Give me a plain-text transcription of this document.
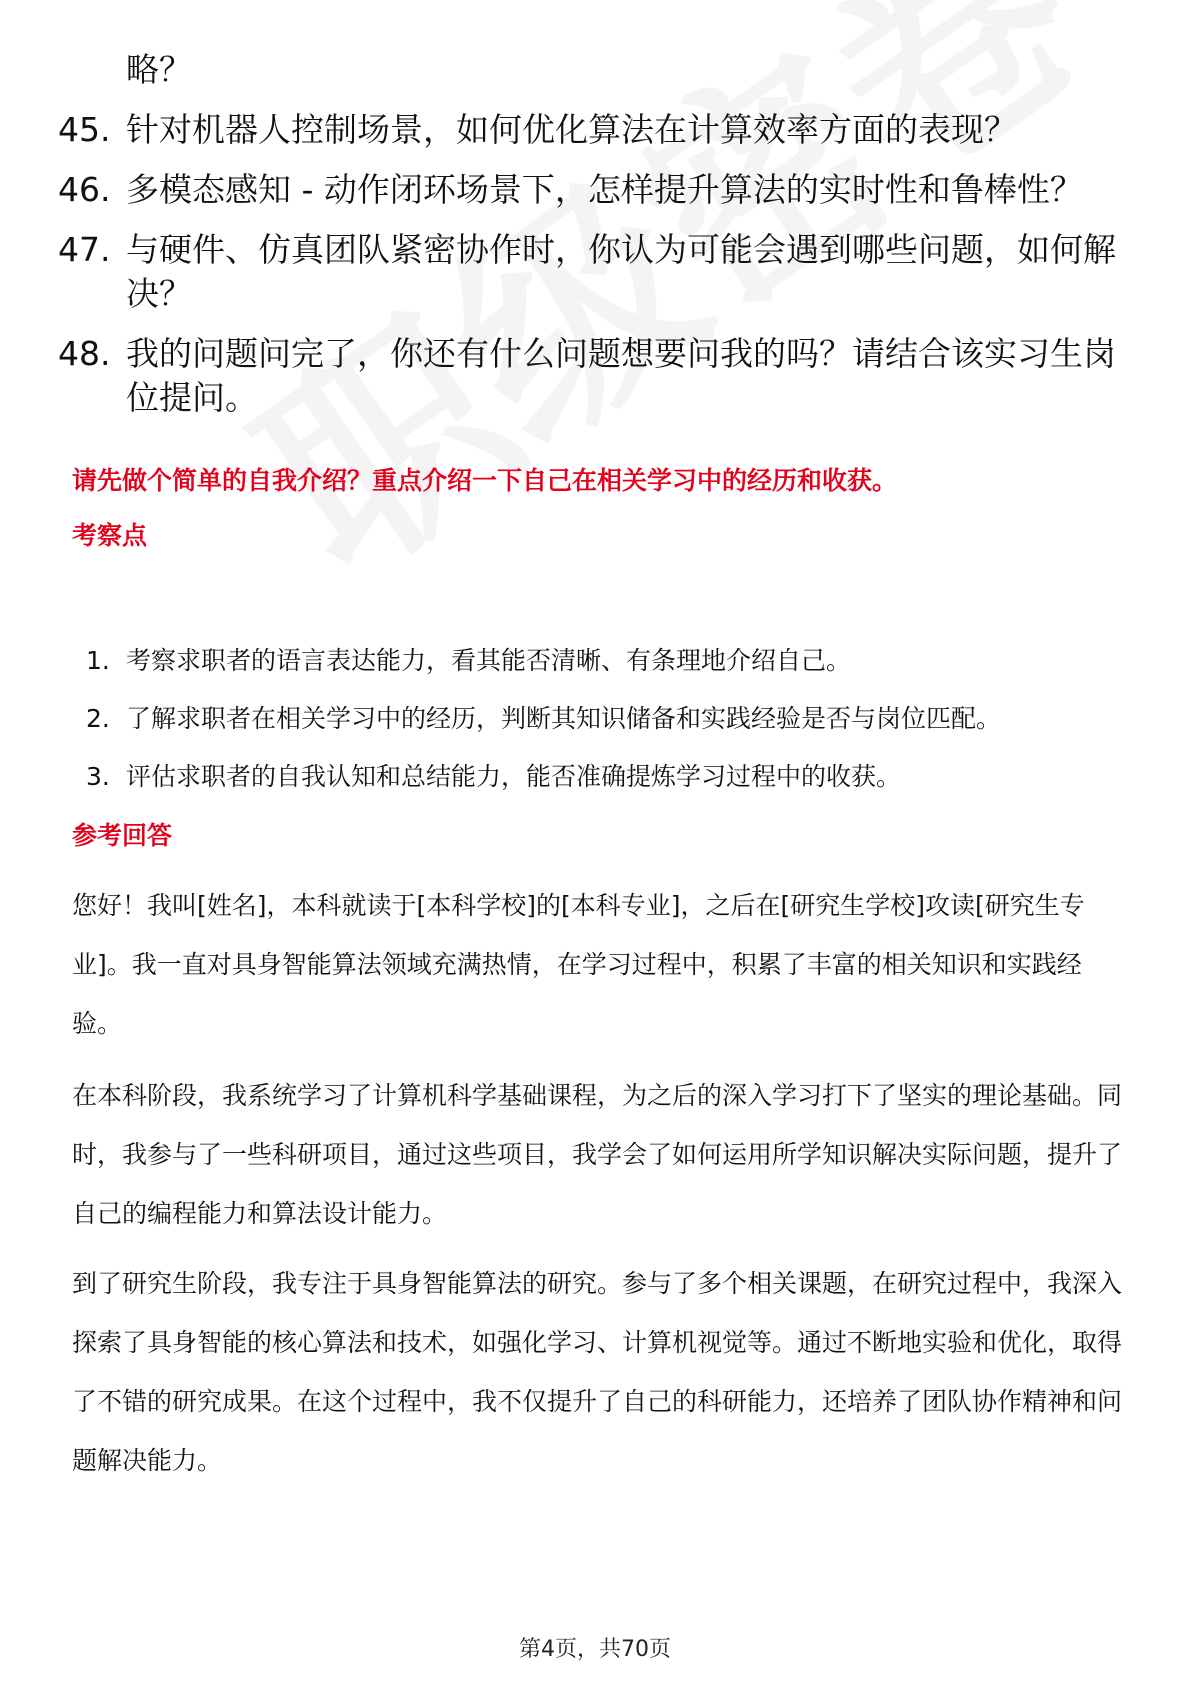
略？
45. 针对机器人控制场景，如何优化算法在计算效率方面的表现？
46. 多模态感知 - 动作闭环场景下，怎样提升算法的实时性和鲁棒性？
47. 与硬件、仿真团队紧密协作时，你认为可能会遇到哪些问题，如何解决？
48. 我的问题问完了，你还有什么问题想要问我的吗？请结合该实习生岗位提问。
请先做个简单的自我介绍？重点介绍一下自己在相关学习中的经历和收获。
考察点
1. 考察求职者的语言表达能力，看其能否清晰、有条理地介绍自己。
2. 了解求职者在相关学习中的经历，判断其知识储备和实践经验是否与岗位匹配。
3. 评估求职者的自我认知和总结能力，能否准确提炼学习过程中的收获。
参考回答
您好！我叫[姓名]，本科就读于[本科学校]的[本科专业]，之后在[研究生学校]攻读[研究生专业]。我一直对具身智能算法领域充满热情，在学习过程中，积累了丰富的相关知识和实践经验。
在本科阶段，我系统学习了计算机科学基础课程，为之后的深入学习打下了坚实的理论基础。同时，我参与了一些科研项目，通过这些项目，我学会了如何运用所学知识解决实际问题，提升了自己的编程能力和算法设计能力。
到了研究生阶段，我专注于具身智能算法的研究。参与了多个相关课题，在研究过程中，我深入探索了具身智能的核心算法和技术，如强化学习、计算机视觉等。通过不断地实验和优化，取得了不错的研究成果。在这个过程中，我不仅提升了自己的科研能力，还培养了团队协作精神和问题解决能力。
第4页，共70页
